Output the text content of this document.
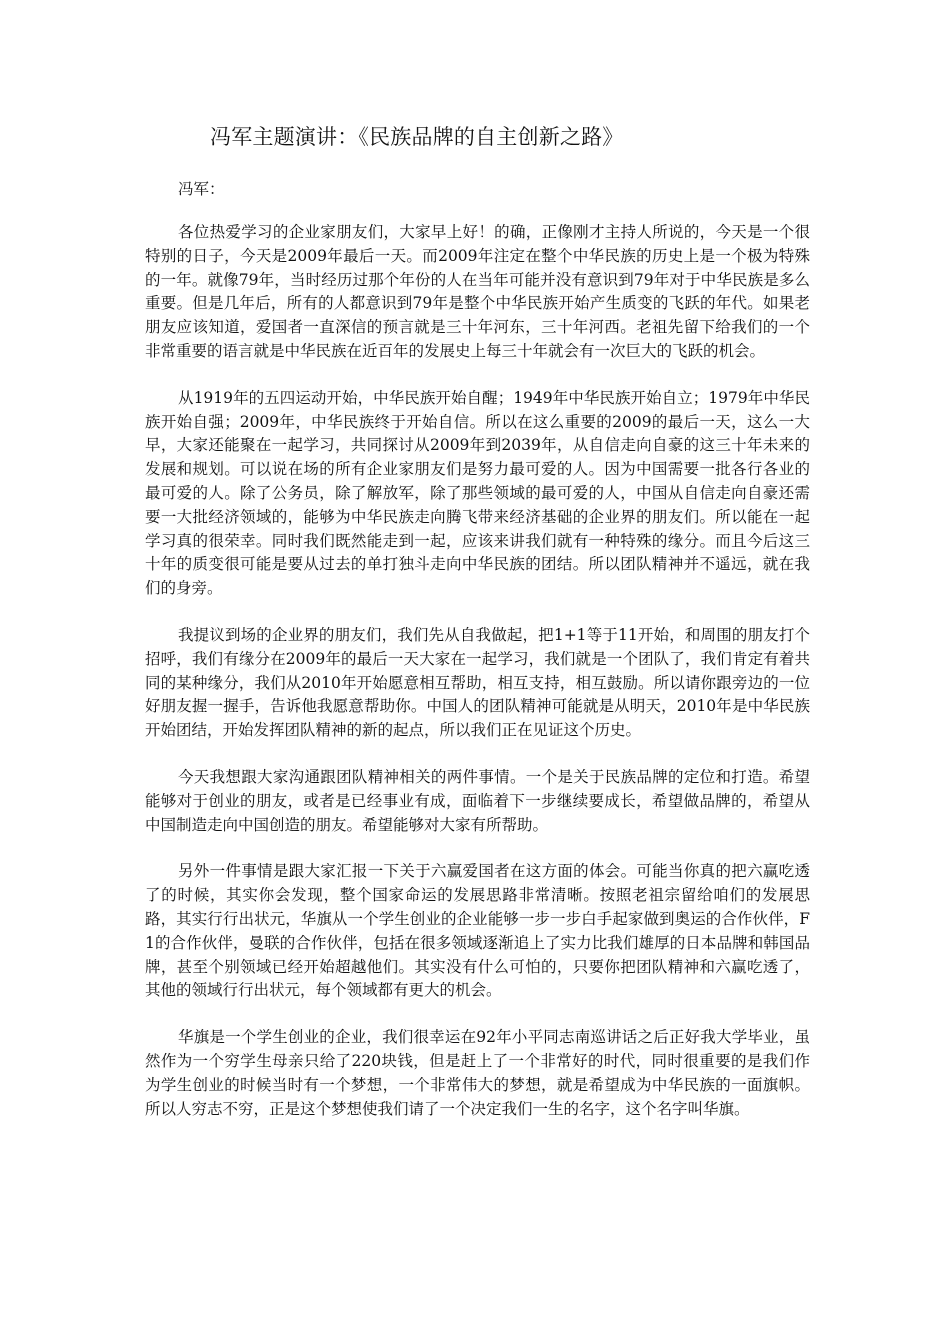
冯军主题演讲：《民族品牌的自主创新之路》

冯军：

各位热爱学习的企业家朋友们，大家早上好！的确，正像刚才主持人所说的，今天是一个很特别的日子，今天是2009年最后一天。而2009年注定在整个中华民族的历史上是一个极为特殊的一年。就像79年，当时经历过那个年份的人在当年可能并没有意识到79年对于中华民族是多么重要。但是几年后，所有的人都意识到79年是整个中华民族开始产生质变的飞跃的年代。如果老朋友应该知道，爱国者一直深信的预言就是三十年河东，三十年河西。老祖先留下给我们的一个非常重要的语言就是中华民族在近百年的发展史上每三十年就会有一次巨大的飞跃的机会。

从1919年的五四运动开始，中华民族开始自醒；1949年中华民族开始自立；1979年中华民族开始自强；2009年，中华民族终于开始自信。所以在这么重要的2009的最后一天，这么一大早，大家还能聚在一起学习，共同探讨从2009年到2039年，从自信走向自豪的这三十年未来的发展和规划。可以说在场的所有企业家朋友们是努力最可爱的人。因为中国需要一批各行各业的最可爱的人。除了公务员，除了解放军，除了那些领域的最可爱的人，中国从自信走向自豪还需要一大批经济领域的，能够为中华民族走向腾飞带来经济基础的企业界的朋友们。所以能在一起学习真的很荣幸。同时我们既然能走到一起，应该来讲我们就有一种特殊的缘分。而且今后这三十年的质变很可能是要从过去的单打独斗走向中华民族的团结。所以团队精神并不遥远，就在我们的身旁。

我提议到场的企业界的朋友们，我们先从自我做起，把1+1等于11开始，和周围的朋友打个招呼，我们有缘分在2009年的最后一天大家在一起学习，我们就是一个团队了，我们肯定有着共同的某种缘分，我们从2010年开始愿意相互帮助，相互支持，相互鼓励。所以请你跟旁边的一位好朋友握一握手，告诉他我愿意帮助你。中国人的团队精神可能就是从明天，2010年是中华民族开始团结，开始发挥团队精神的新的起点，所以我们正在见证这个历史。

今天我想跟大家沟通跟团队精神相关的两件事情。一个是关于民族品牌的定位和打造。希望能够对于创业的朋友，或者是已经事业有成，面临着下一步继续要成长，希望做品牌的，希望从中国制造走向中国创造的朋友。希望能够对大家有所帮助。

另外一件事情是跟大家汇报一下关于六赢爱国者在这方面的体会。可能当你真的把六赢吃透了的时候，其实你会发现，整个国家命运的发展思路非常清晰。按照老祖宗留给咱们的发展思路，其实行行出状元，华旗从一个学生创业的企业能够一步一步白手起家做到奥运的合作伙伴，F1的合作伙伴，曼联的合作伙伴，包括在很多领域逐渐追上了实力比我们雄厚的日本品牌和韩国品牌，甚至个别领域已经开始超越他们。其实没有什么可怕的，只要你把团队精神和六赢吃透了，其他的领域行行出状元，每个领域都有更大的机会。

华旗是一个学生创业的企业，我们很幸运在92年小平同志南巡讲话之后正好我大学毕业，虽然作为一个穷学生母亲只给了220块钱，但是赶上了一个非常好的时代，同时很重要的是我们作为学生创业的时候当时有一个梦想，一个非常伟大的梦想，就是希望成为中华民族的一面旗帜。所以人穷志不穷，正是这个梦想使我们请了一个决定我们一生的名字，这个名字叫华旗。
